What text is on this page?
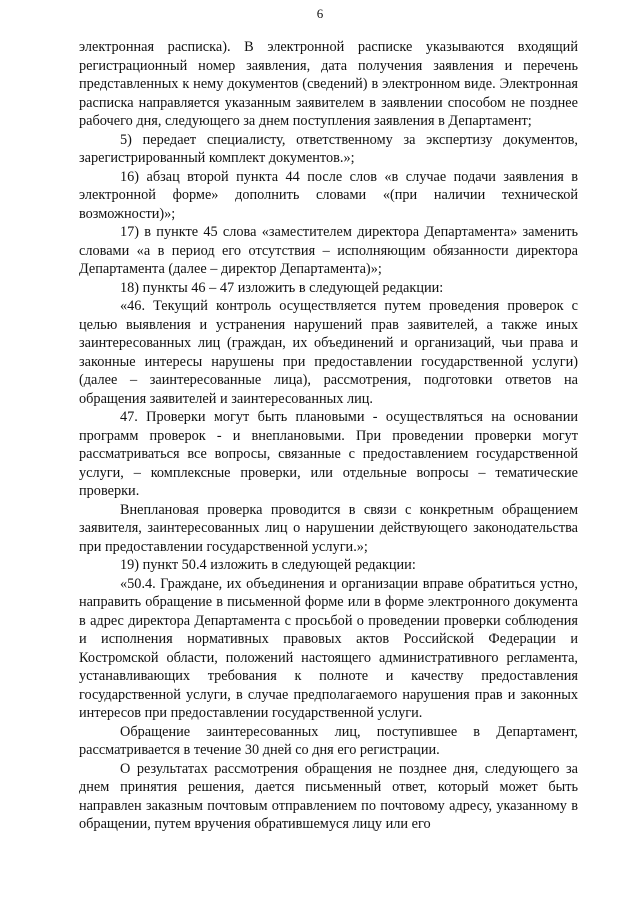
6

электронная расписка). В электронной расписке указываются входящий регистрационный номер заявления, дата получения заявления и перечень представленных к нему документов (сведений) в электронном виде. Электронная расписка направляется указанным заявителем в заявлении способом не позднее рабочего дня, следующего за днем поступления заявления в Департамент;

5) передает специалисту, ответственному за экспертизу документов, зарегистрированный комплект документов.»;

16) абзац второй пункта 44 после слов «в случае подачи заявления в электронной форме» дополнить словами «(при наличии технической возможности)»;

17) в пункте 45 слова «заместителем директора Департамента» заменить словами «а в период его отсутствия – исполняющим обязанности директора Департамента (далее – директор Департамента)»;

18) пункты 46 – 47 изложить в следующей редакции:

«46. Текущий контроль осуществляется путем проведения проверок с целью выявления и устранения нарушений прав заявителей, а также иных заинтересованных лиц (граждан, их объединений и организаций, чьи права и законные интересы нарушены при предоставлении государственной услуги) (далее – заинтересованные лица), рассмотрения, подготовки ответов на обращения заявителей и заинтересованных лиц.

47. Проверки могут быть плановыми - осуществляться на основании программ проверок - и внеплановыми. При проведении проверки могут рассматриваться все вопросы, связанные с предоставлением государственной услуги, – комплексные проверки, или отдельные вопросы – тематические проверки.

Внеплановая проверка проводится в связи с конкретным обращением заявителя, заинтересованных лиц о нарушении действующего законодательства при предоставлении государственной услуги.»;

19) пункт 50.4 изложить в следующей редакции:

«50.4. Граждане, их объединения и организации вправе обратиться устно, направить обращение в письменной форме или в форме электронного документа в адрес директора Департамента с просьбой о проведении проверки соблюдения и исполнения нормативных правовых актов Российской Федерации и Костромской области, положений настоящего административного регламента, устанавливающих требования к полноте и качеству предоставления государственной услуги, в случае предполагаемого нарушения прав и законных интересов при предоставлении государственной услуги.

Обращение заинтересованных лиц, поступившее в Департамент, рассматривается в течение 30 дней со дня его регистрации.

О результатах рассмотрения обращения не позднее дня, следующего за днем принятия решения, дается письменный ответ, который может быть направлен заказным почтовым отправлением по почтовому адресу, указанному в обращении, путем вручения обратившемуся лицу или его
